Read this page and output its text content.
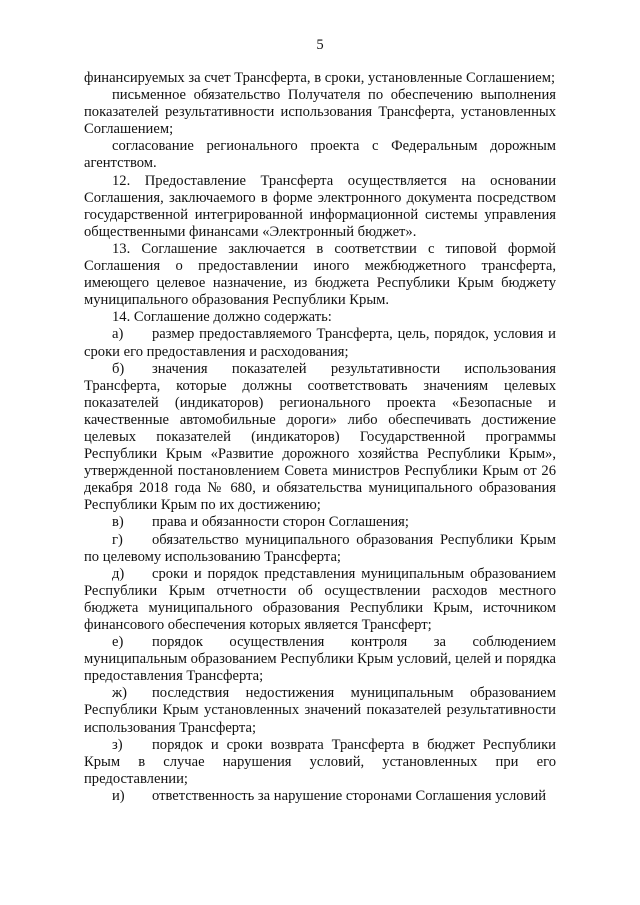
5

финансируемых за счет Трансферта, в сроки, установленные Соглашением;

письменное обязательство Получателя по обеспечению выполнения показателей результативности использования Трансферта, установленных Соглашением;

согласование регионального проекта с Федеральным дорожным агентством.

12. Предоставление Трансферта осуществляется на основании Соглашения, заключаемого в форме электронного документа посредством государственной интегрированной информационной системы управления общественными финансами «Электронный бюджет».

13. Соглашение заключается в соответствии с типовой формой Соглашения о предоставлении иного межбюджетного трансферта, имеющего целевое назначение, из бюджета Республики Крым бюджету муниципального образования Республики Крым.

14. Соглашение должно содержать:

а) размер предоставляемого Трансферта, цель, порядок, условия и сроки его предоставления и расходования;

б) значения показателей результативности использования Трансферта, которые должны соответствовать значениям целевых показателей (индикаторов) регионального проекта «Безопасные и качественные автомобильные дороги» либо обеспечивать достижение целевых показателей (индикаторов) Государственной программы Республики Крым «Развитие дорожного хозяйства Республики Крым», утвержденной постановлением Совета министров Республики Крым от 26 декабря 2018 года № 680, и обязательства муниципального образования Республики Крым по их достижению;

в) права и обязанности сторон Соглашения;

г) обязательство муниципального образования Республики Крым по целевому использованию Трансферта;

д) сроки и порядок представления муниципальным образованием Республики Крым отчетности об осуществлении расходов местного бюджета муниципального образования Республики Крым, источником финансового обеспечения которых является Трансферт;

е) порядок осуществления контроля за соблюдением муниципальным образованием Республики Крым условий, целей и порядка предоставления Трансферта;

ж) последствия недостижения муниципальным образованием Республики Крым установленных значений показателей результативности использования Трансферта;

з) порядок и сроки возврата Трансферта в бюджет Республики Крым в случае нарушения условий, установленных при его предоставлении;

и) ответственность за нарушение сторонами Соглашения условий
